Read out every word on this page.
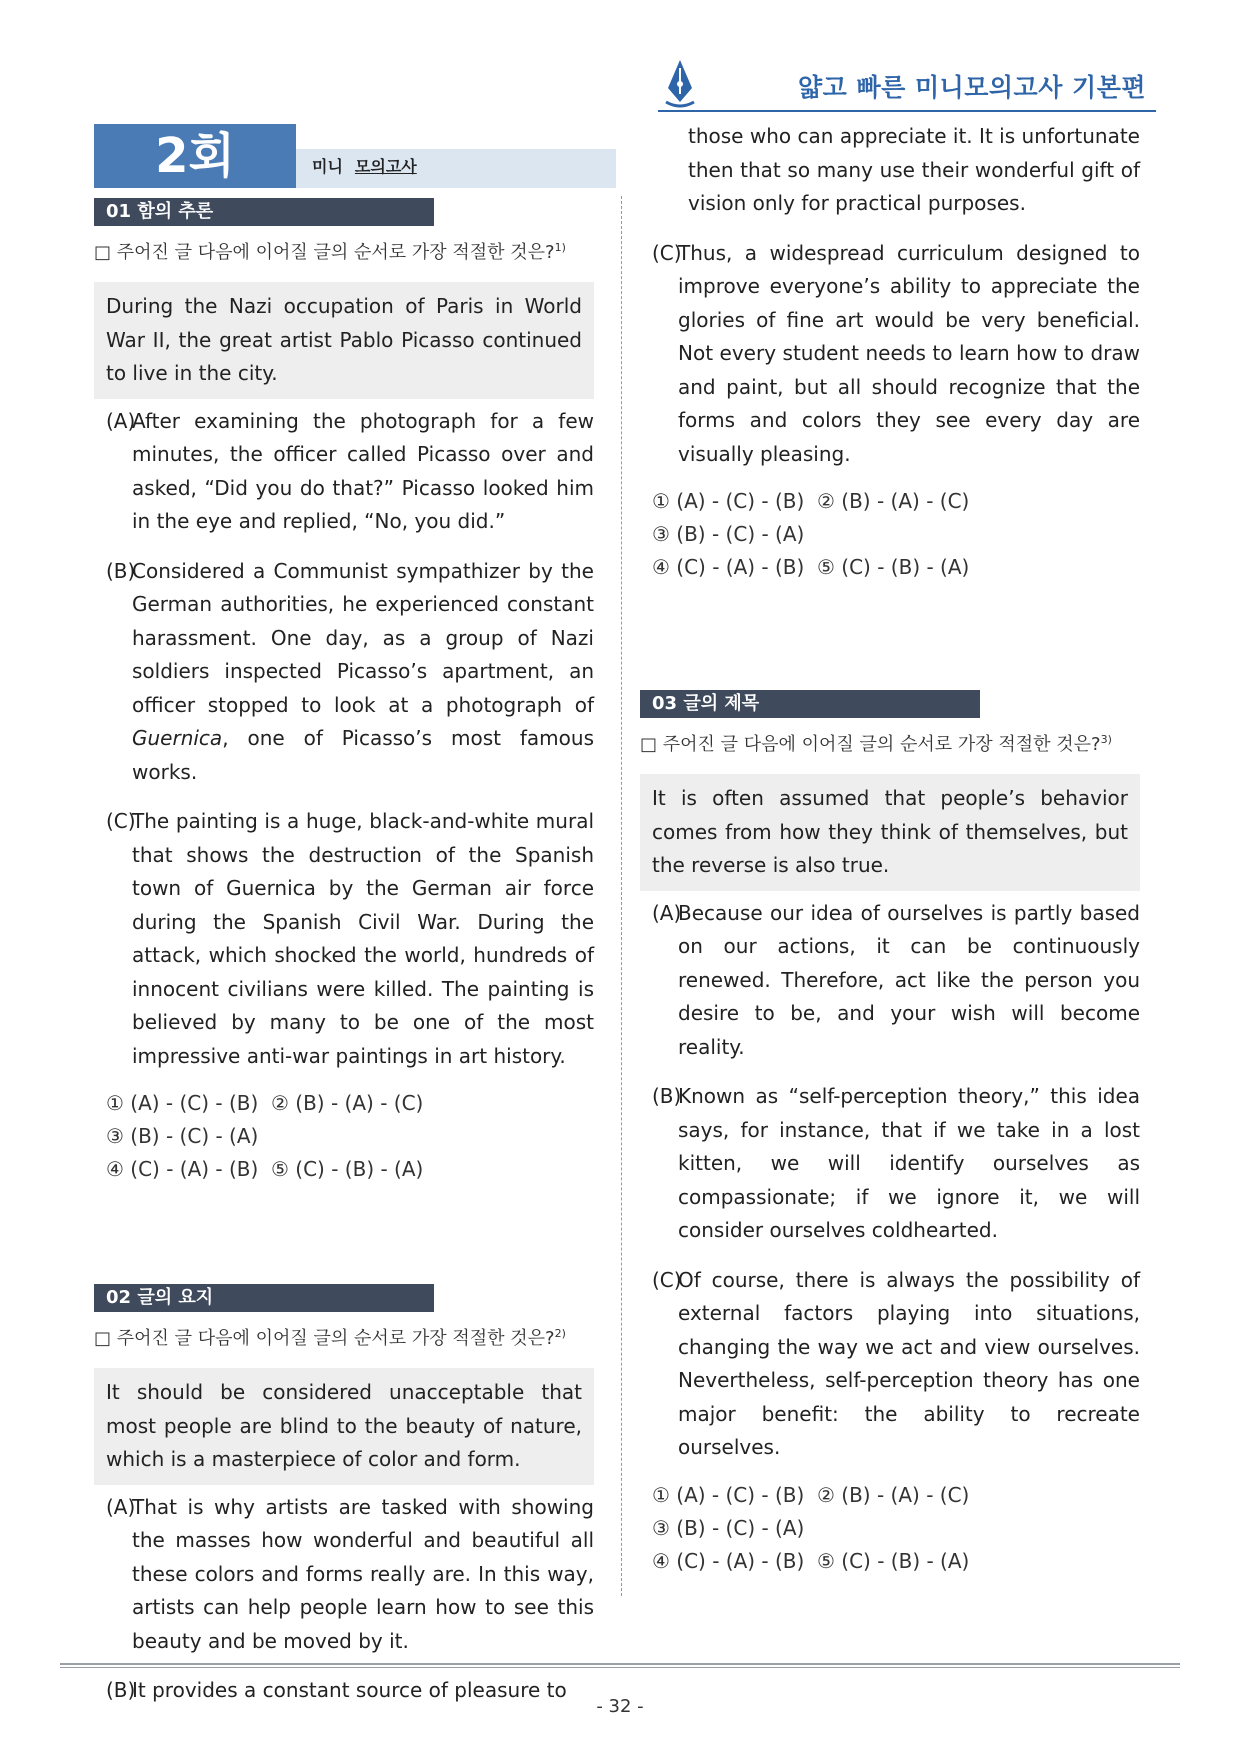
얇고 빠른 미니모의고사 기본편
2회	미니 모의고사
01 함의 추론
□ 주어진 글 다음에 이어질 글의 순서로 가장 적절한 것은?$^{1)}$
During the Nazi occupation of Paris in World War II, the great artist Pablo Picasso continued to live in the city.
(A)
After examining the photograph for a few minutes, the officer called Picasso over and asked, “Did you do that?” Picasso looked him in the eye and replied, “No, you did.”
(B)
Considered a Communist sympathizer by the German authorities, he experienced constant harassment. One day, as a group of Nazi soldiers inspected Picasso’s apartment, an officer stopped to look at a photograph of Guernica, one of Picasso’s most famous works.
(C)
The painting is a huge, black-and-white mural that shows the destruction of the Spanish town of Guernica by the German air force during the Spanish Civil War. During the attack, which shocked the world, hundreds of innocent civilians were killed. The painting is believed by many to be one of the most impressive anti-war paintings in art history.
① (A) - (C) - (B) ② (B) - (A) - (C)③ (B) - (C) - (A)
④ (C) - (A) - (B) ⑤ (C) - (B) - (A)
02 글의 요지
□ 주어진 글 다음에 이어질 글의 순서로 가장 적절한 것은?$^{2)}$
It should be considered unacceptable that most people are blind to the beauty of nature, which is a masterpiece of color and form.
(A)
That is why artists are tasked with showing the masses how wonderful and beautiful all these colors and forms really are. In this way, artists can help people learn how to see this beauty and be moved by it.
(B)
It provides a constant source of pleasure to
those who can appreciate it. It is unfortunate then that so many use their wonderful gift of vision only for practical purposes.
(C)
Thus, a widespread curriculum designed to improve everyone’s ability to appreciate the glories of fine art would be very beneficial. Not every student needs to learn how to draw and paint, but all should recognize that the forms and colors they see every day are visually pleasing.
① (A) - (C) - (B) ② (B) - (A) - (C)③ (B) - (C) - (A)
④ (C) - (A) - (B) ⑤ (C) - (B) - (A)
03 글의 제목
□ 주어진 글 다음에 이어질 글의 순서로 가장 적절한 것은?$^{3)}$
It is often assumed that people’s behavior comes from how they think of themselves, but the reverse is also true.
(A)
Because our idea of ourselves is partly based on our actions, it can be continuously renewed. Therefore, act like the person you desire to be, and your wish will become reality.
(B)
Known as “self-perception theory,” this idea says, for instance, that if we take in a lost kitten, we will identify ourselves as compassionate; if we ignore it, we will consider ourselves coldhearted.
(C)
Of course, there is always the possibility of external factors playing into situations, changing the way we act and view ourselves. Nevertheless, self-perception theory has one major benefit: the ability to recreate ourselves.
① (A) - (C) - (B) ② (B) - (A) - (C)③ (B) - (C) - (A)
④ (C) - (A) - (B) ⑤ (C) - (B) - (A)
- 32 -
